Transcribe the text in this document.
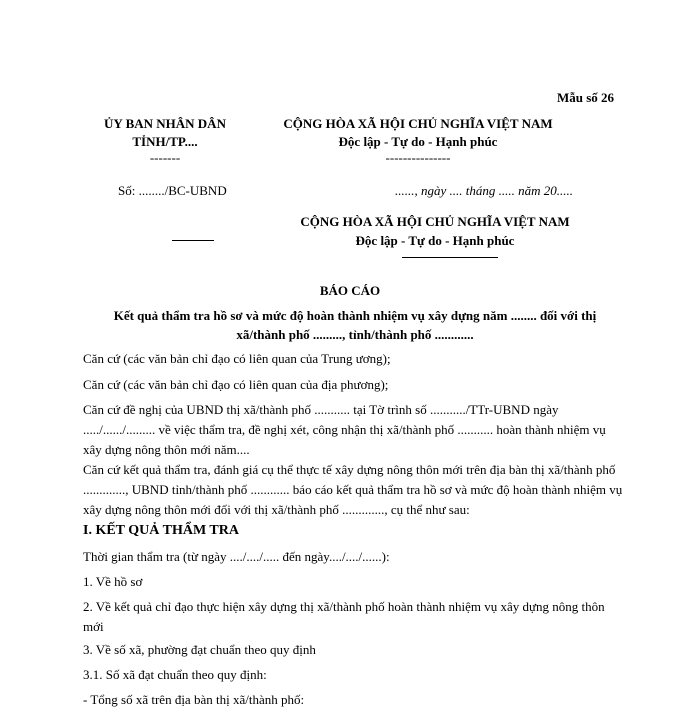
Mẫu số 26
ỦY BAN NHÂN DÂN
TỈNH/TP....
-------
CỘNG HÒA XÃ HỘI CHỦ NGHĨA VIỆT NAM
Độc lập - Tự do - Hạnh phúc
---------------
Số: ......../BC-UBND	......, ngày .... tháng ..... năm 20.....
CỘNG HÒA XÃ HỘI CHỦ NGHĨA VIỆT NAM
Độc lập - Tự do - Hạnh phúc
BÁO CÁO
Kết quả thẩm tra hồ sơ và mức độ hoàn thành nhiệm vụ xây dựng năm ........ đối với thị xã/thành phố ........., tỉnh/thành phố ............
Căn cứ (các văn bản chỉ đạo có liên quan của Trung ương);
Căn cứ (các văn bản chỉ đạo có liên quan của địa phương);
Căn cứ đề nghị của UBND thị xã/thành phố ........... tại Tờ trình số .........../TTr-UBND ngày ...../....../......... về việc thẩm tra, đề nghị xét, công nhận thị xã/thành phố ........... hoàn thành nhiệm vụ xây dựng nông thôn mới năm....
Căn cứ kết quả thẩm tra, đánh giá cụ thể thực tế xây dựng nông thôn mới trên địa bàn thị xã/thành phố ............., UBND tỉnh/thành phố ............ báo cáo kết quả thẩm tra hồ sơ và mức độ hoàn thành nhiệm vụ xây dựng nông thôn mới đối với thị xã/thành phố ............., cụ thể như sau:
I. KẾT QUẢ THẨM TRA
Thời gian thẩm tra (từ ngày ..../..../..... đến ngày..../..../......):
1. Về hồ sơ
2. Về kết quả chỉ đạo thực hiện xây dựng thị xã/thành phố hoàn thành nhiệm vụ xây dựng nông thôn mới
3. Về số xã, phường đạt chuẩn theo quy định
3.1. Số xã đạt chuẩn theo quy định:
- Tổng số xã trên địa bàn thị xã/thành phố:
